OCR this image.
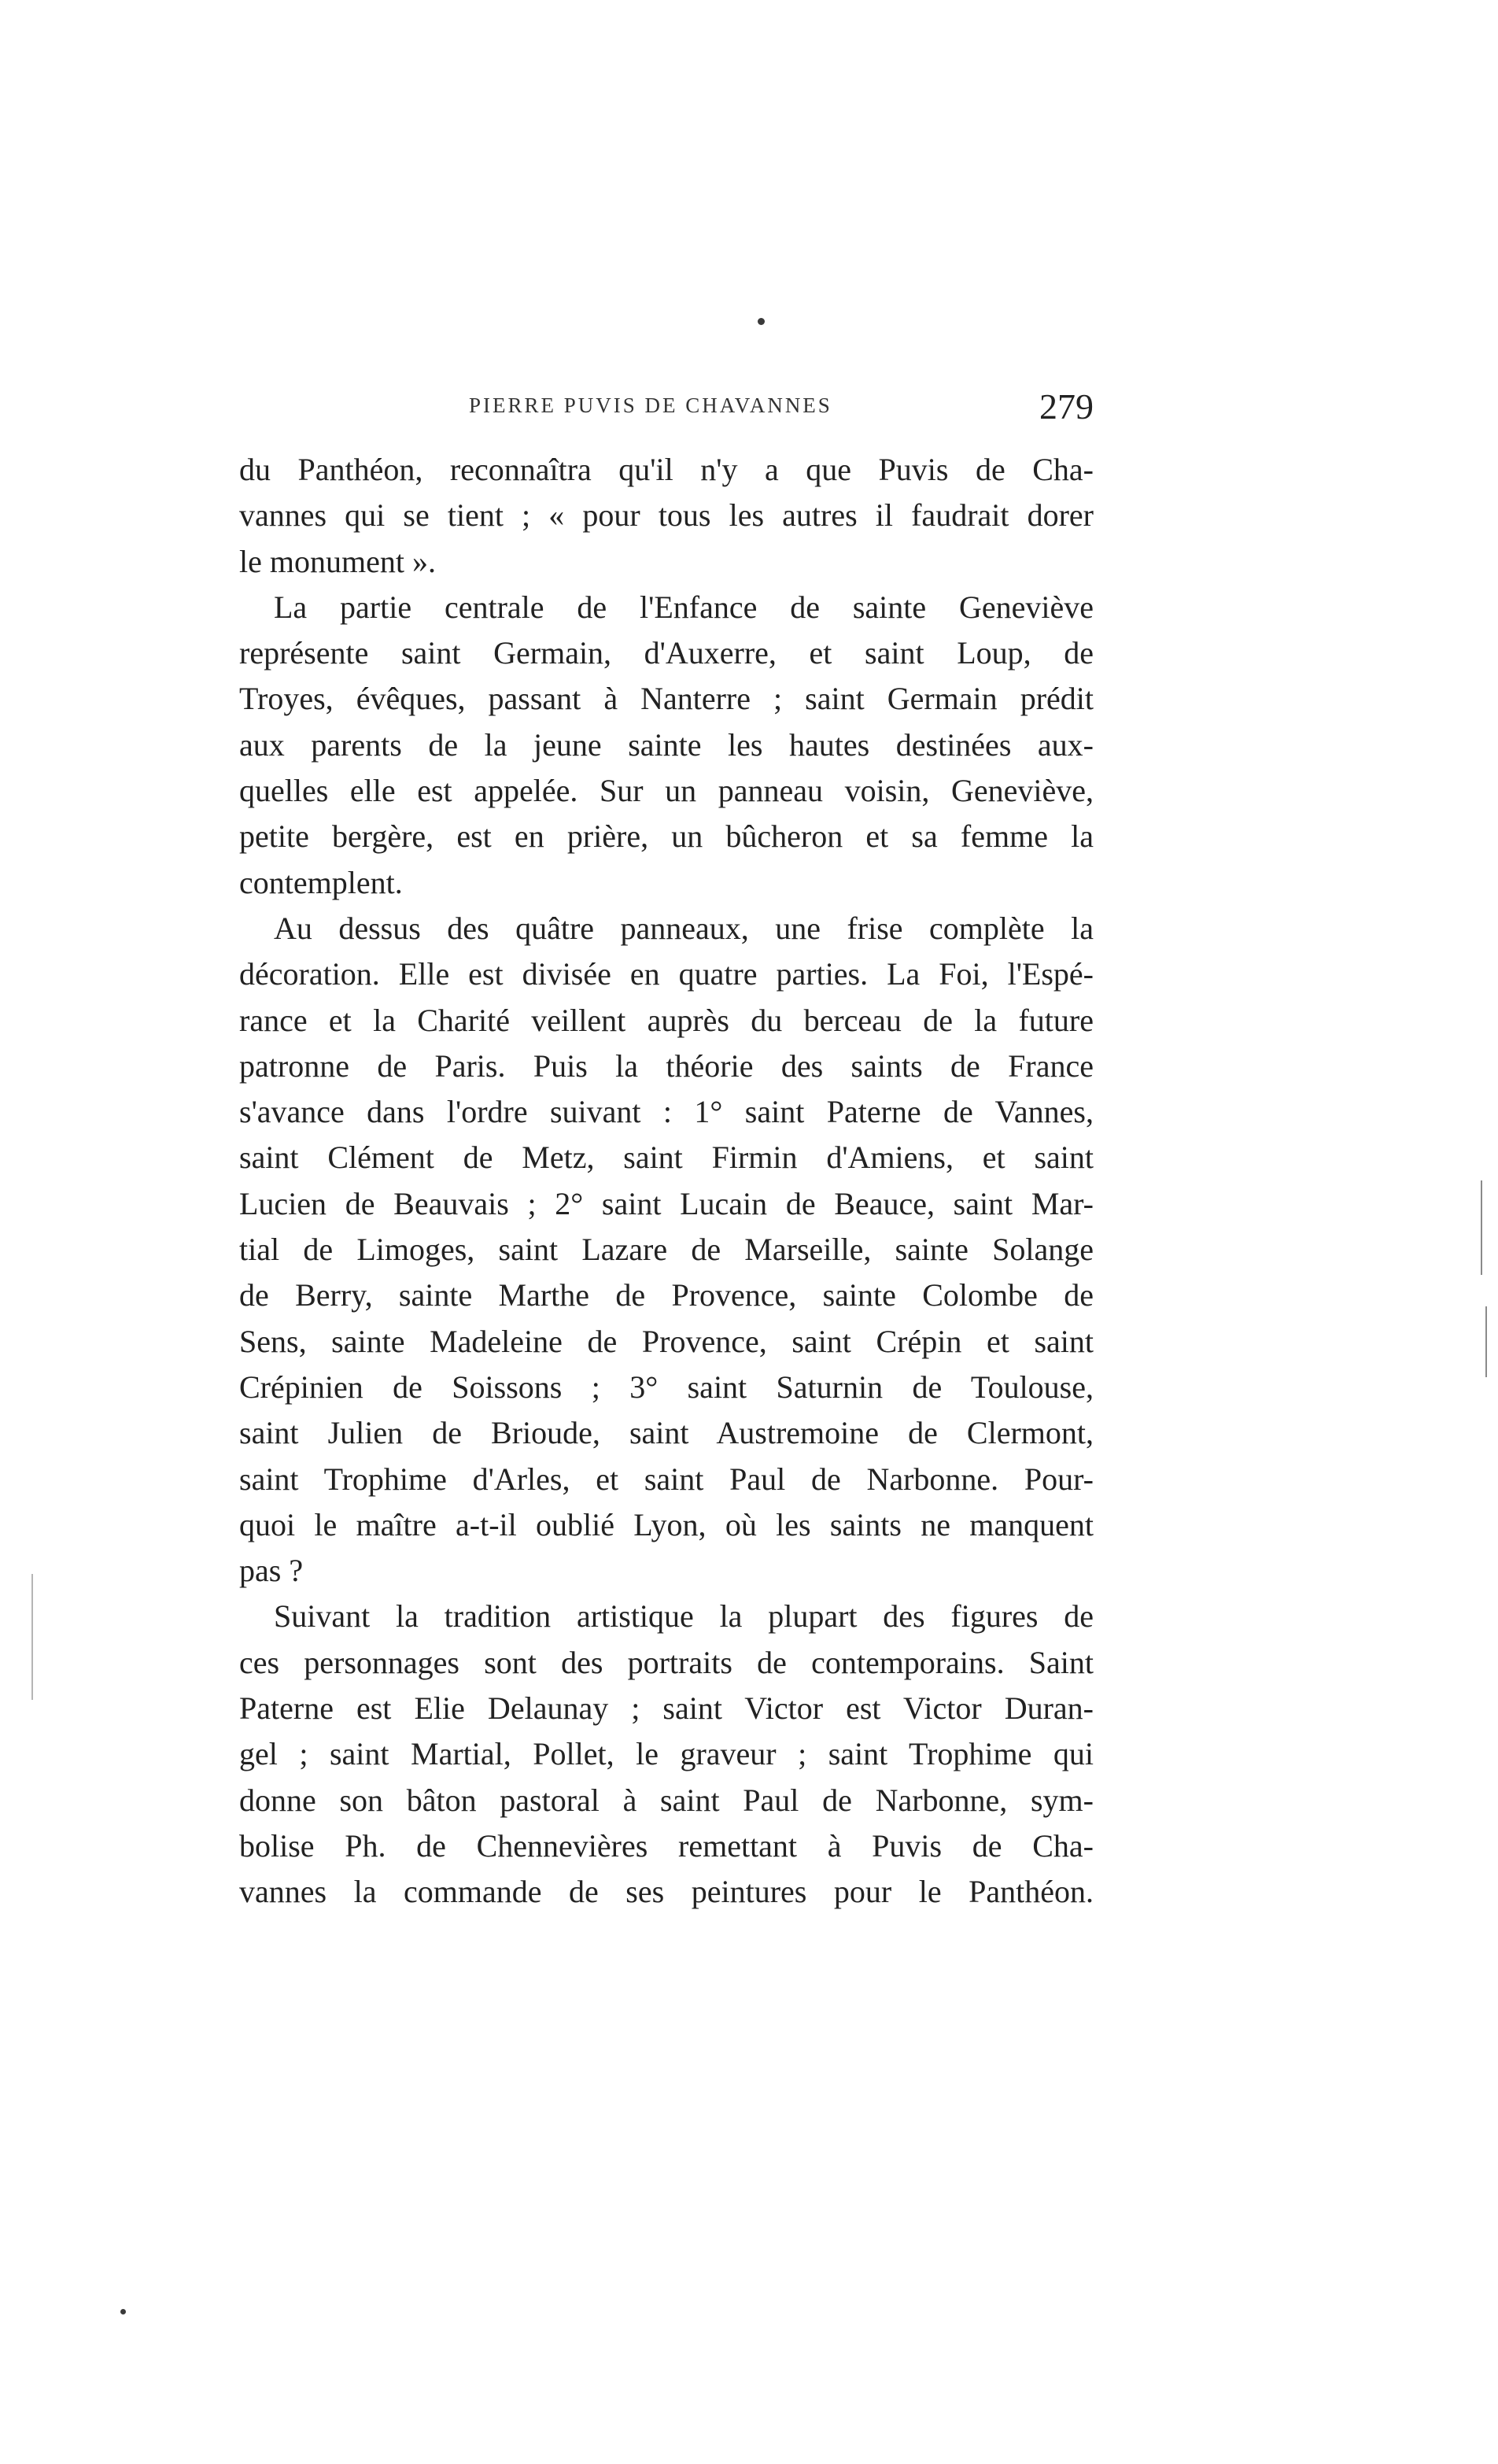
PIERRE PUVIS DE CHAVANNES	279
du Panthéon, reconnaîtra qu'il n'y a que Puvis de Cha-
vannes qui se tient ; « pour tous les autres il faudrait dorer
le monument ».
La partie centrale de l'Enfance de sainte Geneviève
représente saint Germain, d'Auxerre, et saint Loup, de
Troyes, évêques, passant à Nanterre ; saint Germain prédit
aux parents de la jeune sainte les hautes destinées aux-
quelles elle est appelée. Sur un panneau voisin, Geneviève,
petite bergère, est en prière, un bûcheron et sa femme la
contemplent.
Au dessus des quâtre panneaux, une frise complète la
décoration. Elle est divisée en quatre parties. La Foi, l'Espé-
rance et la Charité veillent auprès du berceau de la future
patronne de Paris. Puis la théorie des saints de France
s'avance dans l'ordre suivant : 1° saint Paterne de Vannes,
saint Clément de Metz, saint Firmin d'Amiens, et saint
Lucien de Beauvais ; 2° saint Lucain de Beauce, saint Mar-
tial de Limoges, saint Lazare de Marseille, sainte Solange
de Berry, sainte Marthe de Provence, sainte Colombe de
Sens, sainte Madeleine de Provence, saint Crépin et saint
Crépinien de Soissons ; 3° saint Saturnin de Toulouse,
saint Julien de Brioude, saint Austremoine de Clermont,
saint Trophime d'Arles, et saint Paul de Narbonne. Pour-
quoi le maître a-t-il oublié Lyon, où les saints ne manquent
pas ?
Suivant la tradition artistique la plupart des figures de
ces personnages sont des portraits de contemporains. Saint
Paterne est Elie Delaunay ; saint Victor est Victor Duran-
gel ; saint Martial, Pollet, le graveur ; saint Trophime qui
donne son bâton pastoral à saint Paul de Narbonne, sym-
bolise Ph. de Chennevières remettant à Puvis de Cha-
vannes la commande de ses peintures pour le Panthéon.
